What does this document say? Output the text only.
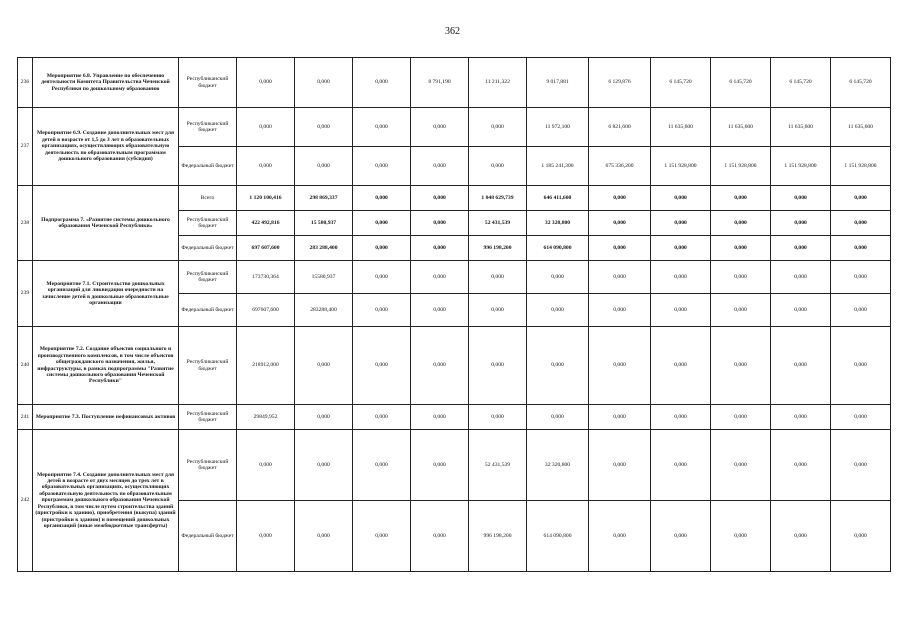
362
236	Мероприятие 6.8. Управление по обеспечению деятельности Комитета Правительства Чеченской Республики по дошкольному образованию	Республиканский бюджет	0,000	0,000	0,000	8 791,190	11 211,322	9 017,881	6 129,876	6 145,720	6 145,720	6 145,720	6 145,720
237	Мероприятие 6.9. Создание дополнительных мест для детей в возрасте от 1,5 до 3 лет в образовательных организациях, осуществляющих образовательную деятельность по образовательным программам дошкольного образования (субсидия)	Республиканский бюджет	0,000	0,000	0,000	0,000	0,000	11 972,100	6 821,600	11 635,600	11 635,600	11 635,600	11 635,600
		Федеральный бюджет	0,000	0,000	0,000	0,000	0,000	1 185 241,300	675 336,200	1 151 928,800	1 151 928,800	1 151 928,800	1 151 928,800
238	Подпрограмма 7. «Развитие системы дошкольного образования Чеченской Республики»	Всего	1 120 100,416	298 869,337	0,000	0,000	1 048 629,739	646 411,600	0,000	0,000	0,000	0,000	0,000
		Республиканский бюджет	422 492,816	15 580,937	0,000	0,000	52 431,539	32 320,800	0,000	0,000	0,000	0,000	0,000
		Федеральный бюджет	697 607,600	283 288,400	0,000	0,000	996 198,200	614 090,800	0,000	0,000	0,000	0,000	0,000
239	Мероприятие 7.1. Строительство дошкольных организаций для ликвидации очередности на зачисление детей в дошкольные образовательные организации	Республиканский бюджет	173730,364	15580,937	0,000	0,000	0,000	0,000	0,000	0,000	0,000	0,000	0,000
		Федеральный бюджет	697607,600	283288,400	0,000	0,000	0,000	0,000	0,000	0,000	0,000	0,000	0,000
240	Мероприятие 7.2. Создание объектов социального и производственного комплексов, в том числе объектов общегражданского назначения, жилья, инфраструктуры, в рамках подпрограммы "Развитие системы дошкольного образования Чеченской Республики"	Республиканский бюджет	218912,000	0,000	0,000	0,000	0,000	0,000	0,000	0,000	0,000	0,000	0,000
241	Мероприятие 7.3. Поступление нефинансовых активов	Республиканский бюджет	29849,952	0,000	0,000	0,000	0,000	0,000	0,000	0,000	0,000	0,000	0,000
242	Мероприятие 7.4. Создание дополнительных мест для детей в возрасте от двух месяцев до трех лет в образовательных организациях, осуществляющих образовательную деятельность по образовательным программам дошкольного образования Чеченской Республики, в том числе путем строительства зданий (пристройки к зданию), приобретения (выкупа) зданий (пристройки к зданию) и помещений дошкольных организаций (иные межбюджетные трансферты)	Республиканский бюджет	0,000	0,000	0,000	0,000	52 431,539	32 320,800	0,000	0,000	0,000	0,000	0,000
		Федеральный бюджет	0,000	0,000	0,000	0,000	996 198,200	614 090,800	0,000	0,000	0,000	0,000	0,000
